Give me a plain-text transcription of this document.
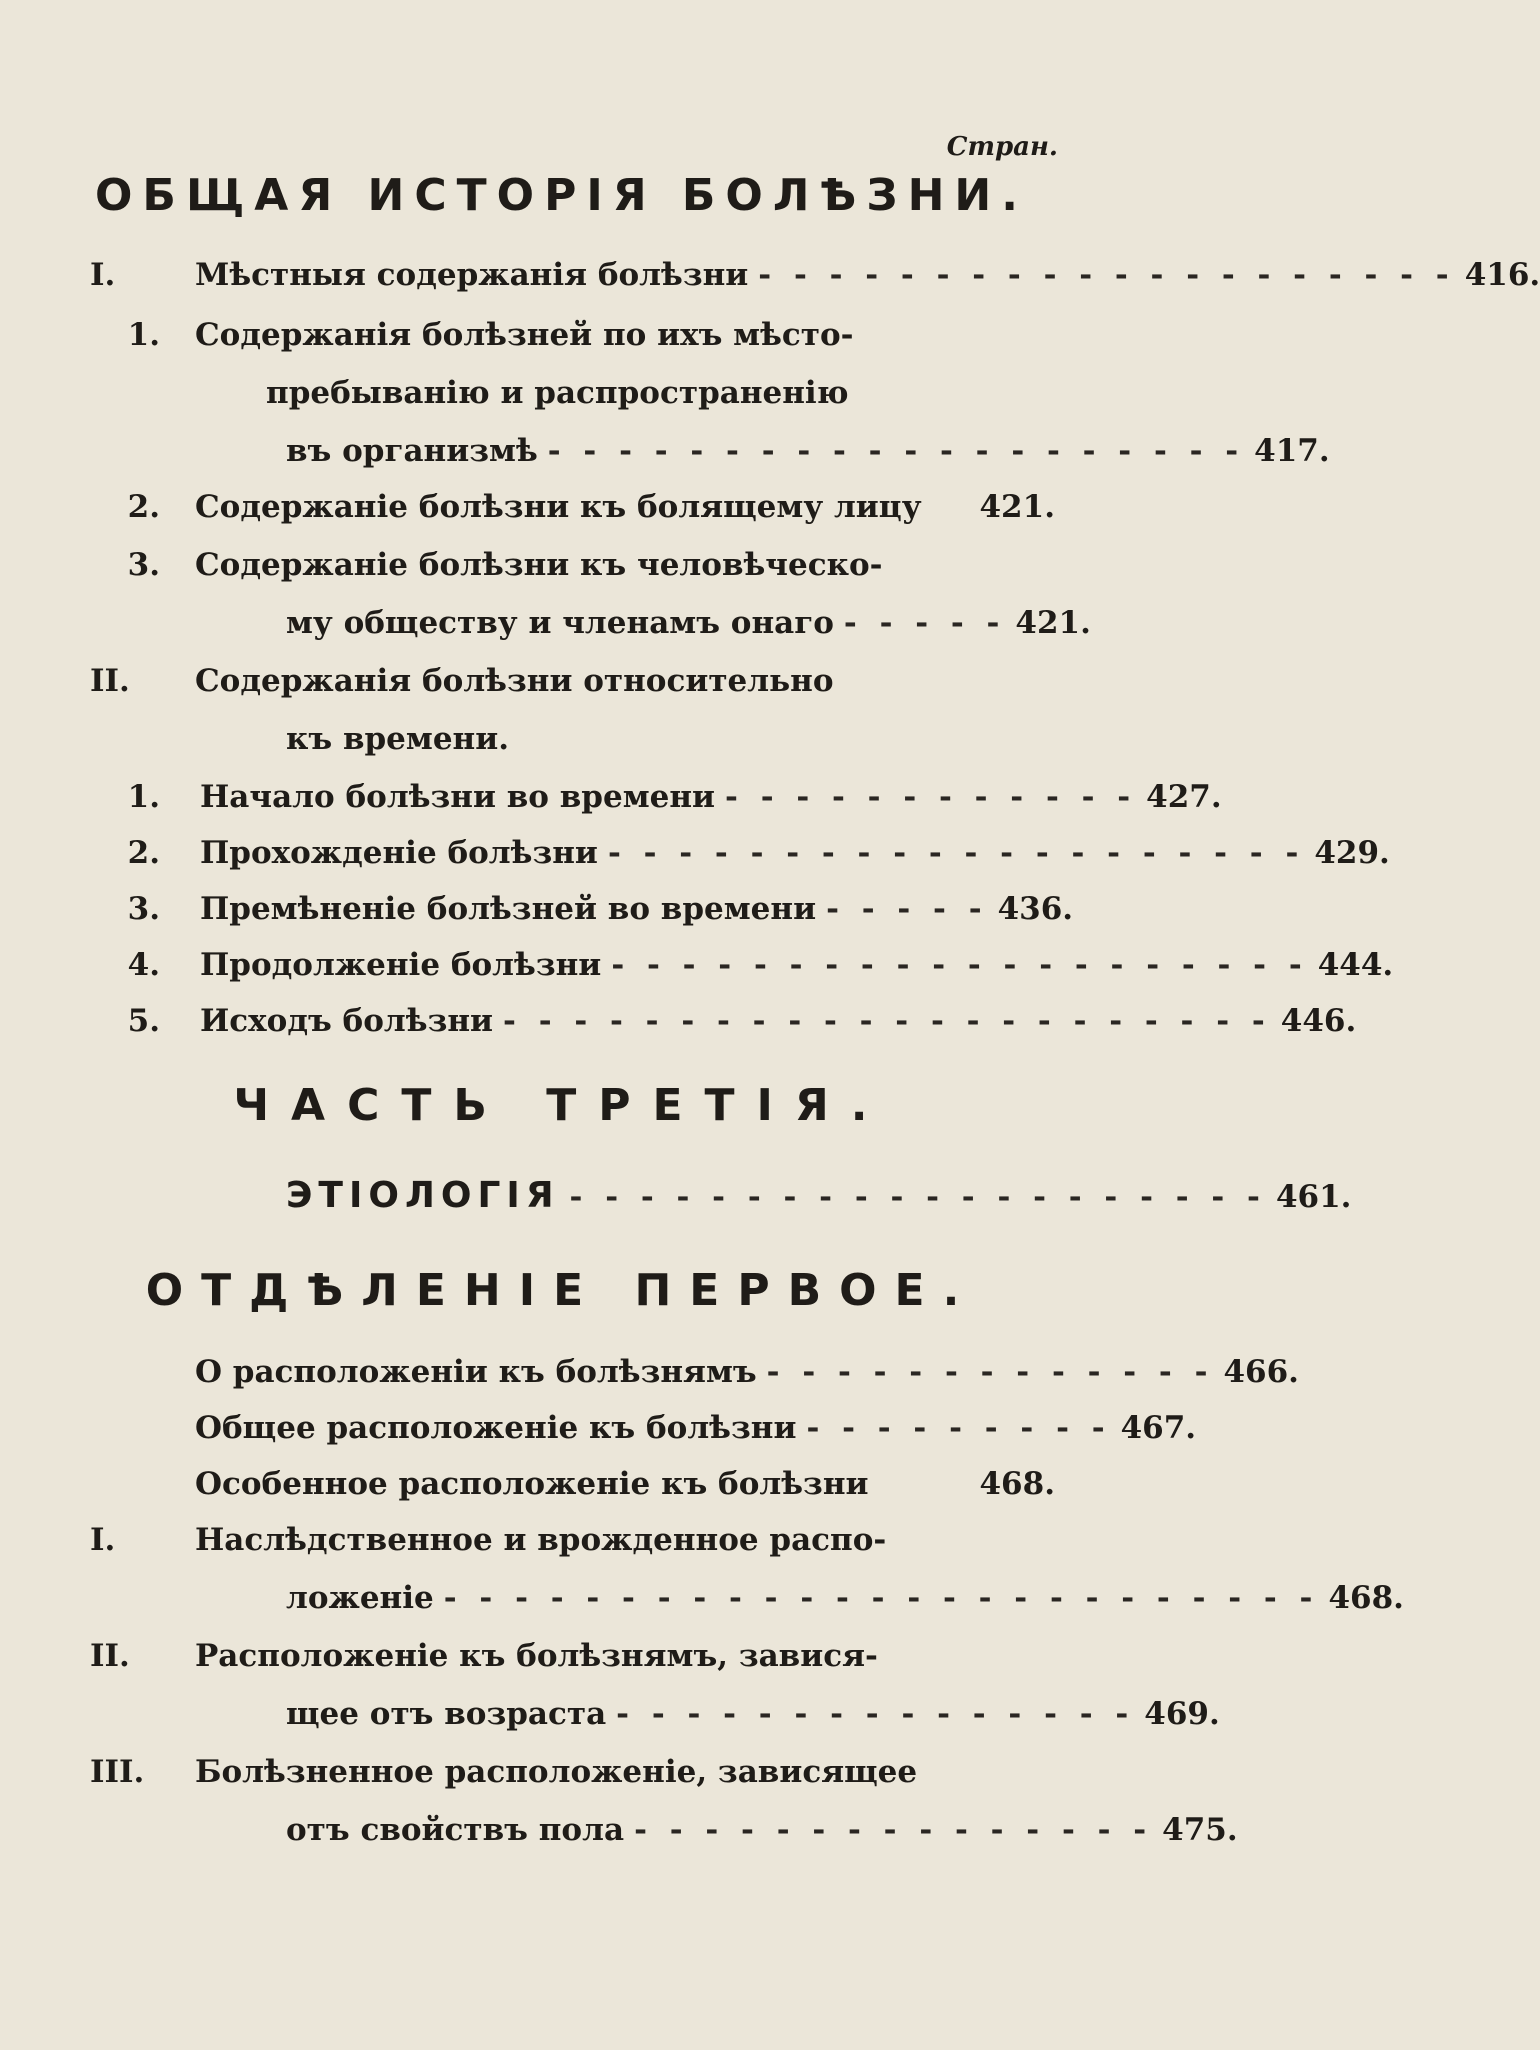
Стран.
ОБЩАЯ ИСТОРІЯ БОЛѢЗНИ.
I.	Мѣстныя содержанія болѣзни - - - - - - - - - - - - - - - - - - - - 416.
1. Содержанія болѣзней по ихъ мѣсто-
пребыванію и распространенію
въ организмѣ - - - - - - - - - - - - - - - - - - - - 417.
2. Содержаніе болѣзни къ болящему лицу 421.
3. Содержаніе болѣзни къ человѣческо-
му обществу и членамъ онаго - - - - - 421.
II.	Содержанія болѣзни относительно
къ времени.
1. Начало болѣзни во времени - - - - - - - - - - - - 427.
2. Прохожденіе болѣзни - - - - - - - - - - - - - - - - - - - - 429.
3. Премѣненіе болѣзней во времени - - - - - 436.
4. Продолженіе болѣзни - - - - - - - - - - - - - - - - - - - - 444.
5. Исходъ болѣзни - - - - - - - - - - - - - - - - - - - - - - 446.
ЧАСТЬ ТРЕТІЯ.
ЭТІОЛОГІЯ - - - - - - - - - - - - - - - - - - - - 461.
ОТДѢЛЕНІЕ ПЕРВОЕ.
О расположеніи къ болѣзнямъ - - - - - - - - - - - - - 466.
Общее расположеніе къ болѣзни - - - - - - - - - 467.
Особенное расположеніе къ болѣзни	468.
I.	Наслѣдственное и врожденное распо-
ложеніе - - - - - - - - - - - - - - - - - - - - - - - - - 468.
II.	Расположеніе къ болѣзнямъ, завися-
щее отъ возраста - - - - - - - - - - - - - - - 469.
III.	Болѣзненное расположеніе, зависящее
отъ свойствъ пола - - - - - - - - - - - - - - - 475.
